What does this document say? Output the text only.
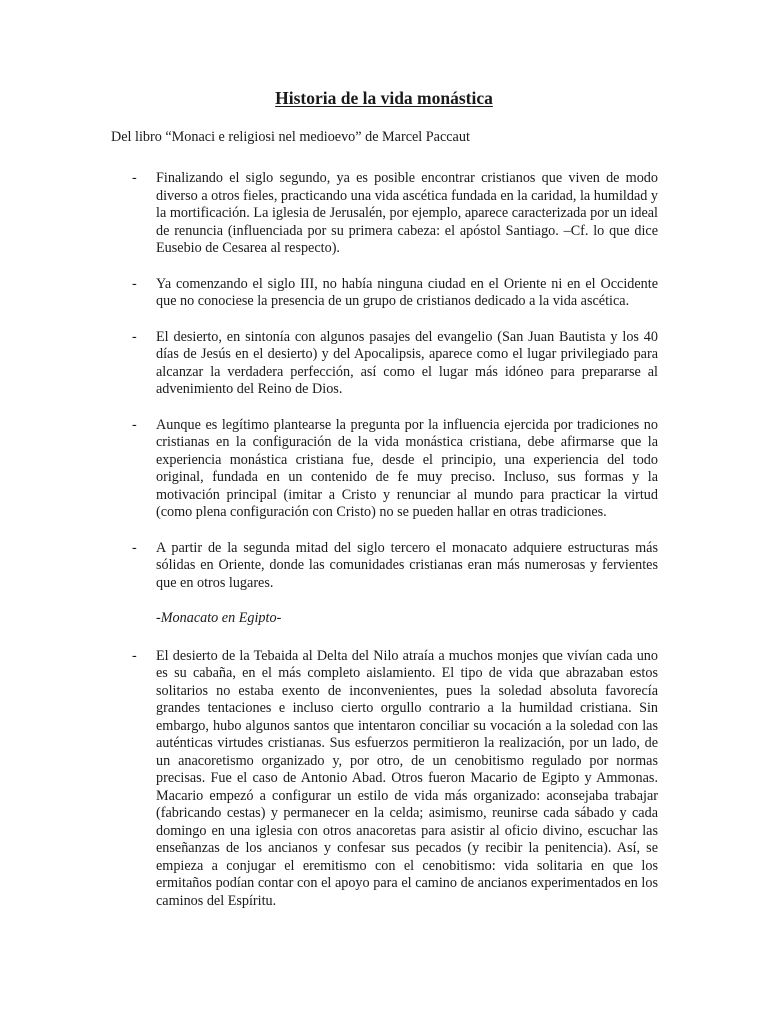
Historia de la vida monástica

Del libro “Monaci e religiosi nel medioevo” de Marcel Paccaut

- Finalizando el siglo segundo, ya es posible encontrar cristianos que viven de modo diverso a otros fieles, practicando una vida ascética fundada en la caridad, la humildad y la mortificación. La iglesia de Jerusalén, por ejemplo, aparece caracterizada por un ideal de renuncia (influenciada por su primera cabeza: el apóstol Santiago. –Cf. lo que dice Eusebio de Cesarea al respecto).

- Ya comenzando el siglo III, no había ninguna ciudad en el Oriente ni en el Occidente que no conociese la presencia de un grupo de cristianos dedicado a la vida ascética.

- El desierto, en sintonía con algunos pasajes del evangelio (San Juan Bautista y los 40 días de Jesús en el desierto) y del Apocalipsis, aparece como el lugar privilegiado para alcanzar la verdadera perfección, así como el lugar más idóneo para prepararse al advenimiento del Reino de Dios.

- Aunque es legítimo plantearse la pregunta por la influencia ejercida por tradiciones no cristianas en la configuración de la vida monástica cristiana, debe afirmarse que la experiencia monástica cristiana fue, desde el principio, una experiencia del todo original, fundada en un contenido de fe muy preciso. Incluso, sus formas y la motivación principal (imitar a Cristo y renunciar al mundo para practicar la virtud (como plena configuración con Cristo) no se pueden hallar en otras tradiciones.

- A partir de la segunda mitad del siglo tercero el monacato adquiere estructuras más sólidas en Oriente, donde las comunidades cristianas eran más numerosas y fervientes que en otros lugares.

-Monacato en Egipto-

- El desierto de la Tebaida al Delta del Nilo atraía a muchos monjes que vivían cada uno es su cabaña, en el más completo aislamiento. El tipo de vida que abrazaban estos solitarios no estaba exento de inconvenientes, pues la soledad absoluta favorecía grandes tentaciones e incluso cierto orgullo contrario a la humildad cristiana. Sin embargo, hubo algunos santos que intentaron conciliar su vocación a la soledad con las auténticas virtudes cristianas. Sus esfuerzos permitieron la realización, por un lado, de un anacoretismo organizado y, por otro, de un cenobitismo regulado por normas precisas. Fue el caso de Antonio Abad. Otros fueron Macario de Egipto y Ammonas. Macario empezó a configurar un estilo de vida más organizado: aconsejaba trabajar (fabricando cestas) y permanecer en la celda; asimismo, reunirse cada sábado y cada domingo en una iglesia con otros anacoretas para asistir al oficio divino, escuchar las enseñanzas de los ancianos y confesar sus pecados (y recibir la penitencia). Así, se empieza a conjugar el eremitismo con el cenobitismo: vida solitaria en que los ermitaños podían contar con el apoyo para el camino de ancianos experimentados en los caminos del Espíritu.
